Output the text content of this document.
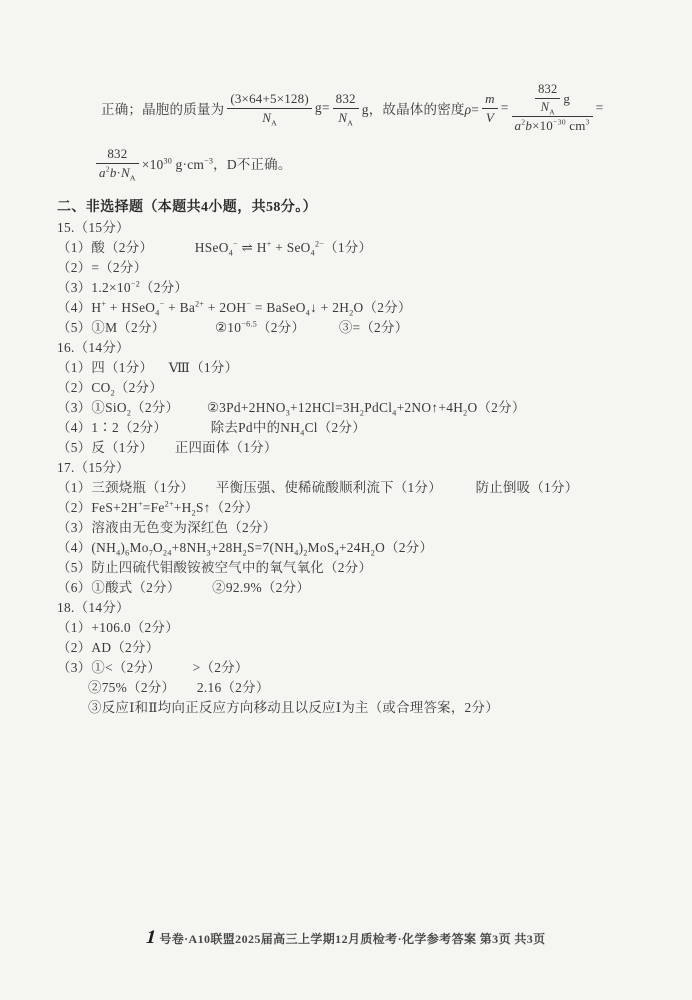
正确；晶胞的质量为 $\frac{(3\times 64+5\times 128)}{N_A} g= \frac{832}{N_A}$ g，故晶体的密度$\rho= \frac{m}{V} = \frac{\frac{832}{N_A} g}{a^2b\times 10^{-30} cm^3}$ =
$\frac{832}{a^2b\cdot N_A} \times 10^{30}$ $g\cdot cm^{-3}$，D不正确。
二、非选择题（本题共4小题，共58分。）
15.（15分）
（1）酸（2分）	HSeO$_4$− ⇌ H+ + SeO$_4^{2-}$（1分）
（2）=（2分）
$(3)1.2\times 10^{-2}(2$分）
（4）H+ + HSeO$_4$− + $Ba^{2+} + 2OH^-$ = BaSeO$_4$↓ + $2H_2O(2$分）
（5）①M（2分）	$②10^{-6.5}(2$分）	③=（2分）
16.（14分）
（1）四（1分） Ⅷ（1分）
$(2)CO_2(2$分）
（3）①SiO$_2$（2分） $②3Pd+2HNO_3+12HCl=3H_2PdCl_4+2NO↑+4H_2O(2$分）
（4）1∶2（2分）	除去Pd中的$NH_4Cl(2$分）
（5）反（1分） 正四面体（1分）
17.（15分）
（1）三颈烧瓶（1分） 平衡压强、使稀硫酸顺利流下（1分）	防止倒吸（1分）
$(2)FeS+2H^+=Fe^{2+}+H_2S↑(2$分）
（3）溶液由无色变为深红色（2分）
$(4)(NH_4)_6Mo_7O_{24}+8NH_3+28H_2S=7(NH_4)_2MoS_4+24H_2O(2$分）
（5）防止四硫代钼酸铵被空气中的氧气氧化（2分）
（6）①酸式（2分） ②92.9%（2分）
18.（14分）
（1）+106.0（2分）
（2）AD（2分）
（3）①<（2分） >（2分）
②75%（2分） 2.16（2分）
③反应Ⅰ和Ⅱ均向正反应方向移动且以反应Ⅰ为主（或合理答案，2分）
1号卷·A10联盟2025届高三上学期12月质检考·化学参考答案 第3页 共3页
